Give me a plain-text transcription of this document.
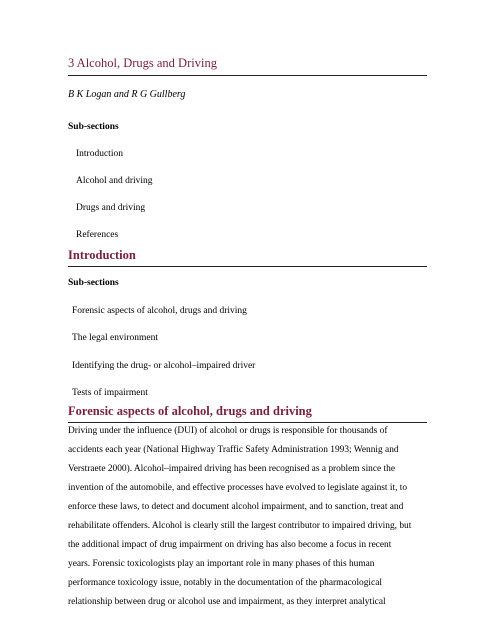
3 Alcohol, Drugs and Driving
B K Logan and R G Gullberg
Sub-sections
Introduction
Alcohol and driving
Drugs and driving
References
Introduction
Sub-sections
Forensic aspects of alcohol, drugs and driving
The legal environment
Identifying the drug- or alcohol–impaired driver
Tests of impairment
Forensic aspects of alcohol, drugs and driving
Driving under the influence (DUI) of alcohol or drugs is responsible for thousands of
accidents each year (National Highway Traffic Safety Administration 1993; Wennig and
Verstraete 2000). Alcohol–impaired driving has been recognised as a problem since the
invention of the automobile, and effective processes have evolved to legislate against it, to
enforce these laws, to detect and document alcohol impairment, and to sanction, treat and
rehabilitate offenders. Alcohol is clearly still the largest contributor to impaired driving, but
the additional impact of drug impairment on driving has also become a focus in recent
years. Forensic toxicologists play an important role in many phases of this human
performance toxicology issue, notably in the documentation of the pharmacological
relationship between drug or alcohol use and impairment, as they interpret analytical
